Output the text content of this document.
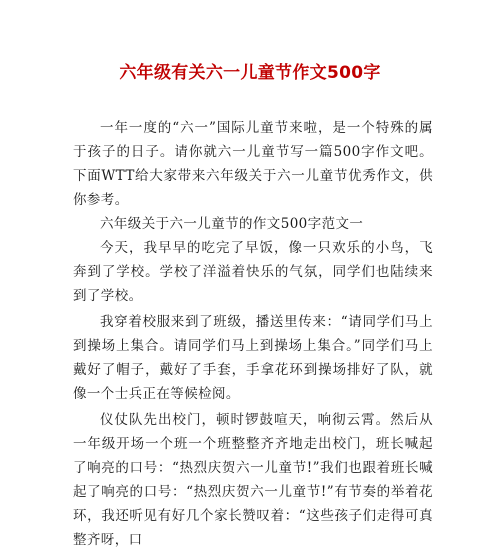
六年级有关六一儿童节作文500字

一年一度的“六一”国际儿童节来啦，是一个特殊的属于孩子的日子。请你就六一儿童节写一篇500字作文吧。下面WTT给大家带来六年级关于六一儿童节优秀作文，供你参考。

六年级关于六一儿童节的作文500字范文一

今天，我早早的吃完了早饭，像一只欢乐的小鸟，飞奔到了学校。学校了洋溢着快乐的气氛，同学们也陆续来到了学校。

我穿着校服来到了班级，播送里传来：“请同学们马上到操场上集合。请同学们马上到操场上集合。”同学们马上戴好了帽子，戴好了手套，手拿花环到操场排好了队，就像一个士兵正在等候检阅。

仪仗队先出校门，顿时锣鼓喧天，响彻云霄。然后从一年级开场一个班一个班整整齐齐地走出校门，班长喊起了响亮的口号：“热烈庆贺六一儿童节!”我们也跟着班长喊起了响亮的口号：“热烈庆贺六一儿童节!”有节奏的举着花环，我还听见有好几个家长赞叹着：“这些孩子们走得可真整齐呀，口
